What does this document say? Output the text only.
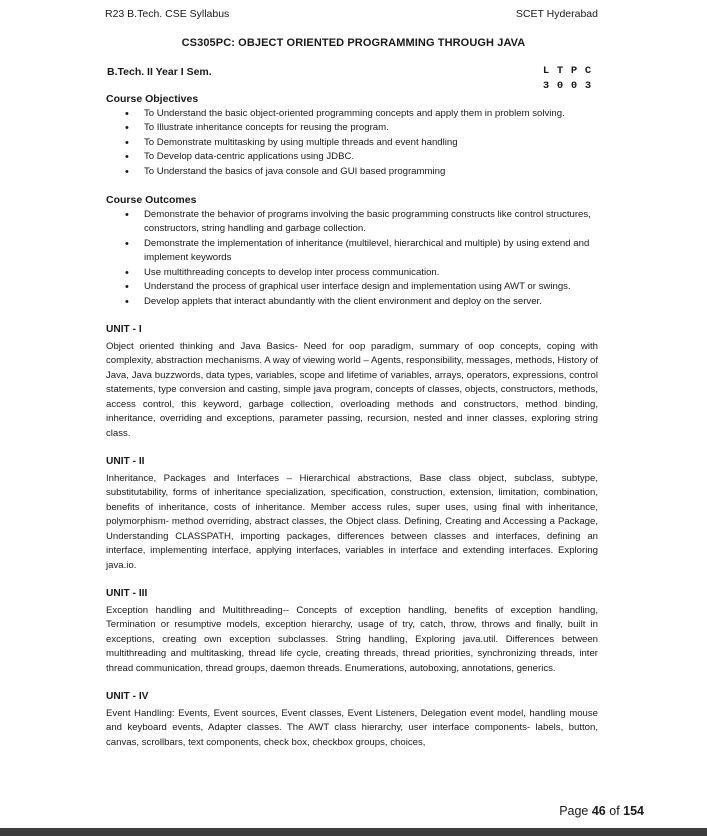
R23 B.Tech. CSE Syllabus	SCET Hyderabad
CS305PC: OBJECT ORIENTED PROGRAMMING THROUGH JAVA
B.Tech. II Year I Sem.	L T P C
3 0 0 3
Course Objectives
• To Understand the basic object-oriented programming concepts and apply them in problem solving.
• To Illustrate inheritance concepts for reusing the program.
• To Demonstrate multitasking by using multiple threads and event handling
• To Develop data-centric applications using JDBC.
• To Understand the basics of java console and GUI based programming
Course Outcomes
• Demonstrate the behavior of programs involving the basic programming constructs like control structures, constructors, string handling and garbage collection.
• Demonstrate the implementation of inheritance (multilevel, hierarchical and multiple) by using extend and implement keywords
• Use multithreading concepts to develop inter process communication.
• Understand the process of graphical user interface design and implementation using AWT or swings.
• Develop applets that interact abundantly with the client environment and deploy on the server.
UNIT - I

Object oriented thinking and Java Basics- Need for oop paradigm, summary of oop concepts, coping with complexity, abstraction mechanisms. A way of viewing world – Agents, responsibility, messages, methods, History of Java, Java buzzwords, data types, variables, scope and lifetime of variables, arrays, operators, expressions, control statements, type conversion and casting, simple java program, concepts of classes, objects, constructors, methods, access control, this keyword, garbage collection, overloading methods and constructors, method binding, inheritance, overriding and exceptions, parameter passing, recursion, nested and inner classes, exploring string class.

UNIT - II

Inheritance, Packages and Interfaces – Hierarchical abstractions, Base class object, subclass, subtype, substitutability, forms of inheritance specialization, specification, construction, extension, limitation, combination, benefits of inheritance, costs of inheritance. Member access rules, super uses, using final with inheritance, polymorphism- method overriding, abstract classes, the Object class. Defining, Creating and Accessing a Package, Understanding CLASSPATH, importing packages, differences between classes and interfaces, defining an interface, implementing interface, applying interfaces, variables in interface and extending interfaces. Exploring java.io.

UNIT - III

Exception handling and Multithreading-- Concepts of exception handling, benefits of exception handling, Termination or resumptive models, exception hierarchy, usage of try, catch, throw, throws and finally, built in exceptions, creating own exception subclasses. String handling, Exploring java.util. Differences between multithreading and multitasking, thread life cycle, creating threads, thread priorities, synchronizing threads, inter thread communication, thread groups, daemon threads. Enumerations, autoboxing, annotations, generics.

UNIT - IV

Event Handling: Events, Event sources, Event classes, Event Listeners, Delegation event model, handling mouse and keyboard events, Adapter classes. The AWT class hierarchy, user interface components- labels, button, canvas, scrollbars, text components, check box, checkbox groups, choices,

Page 46 of 154
